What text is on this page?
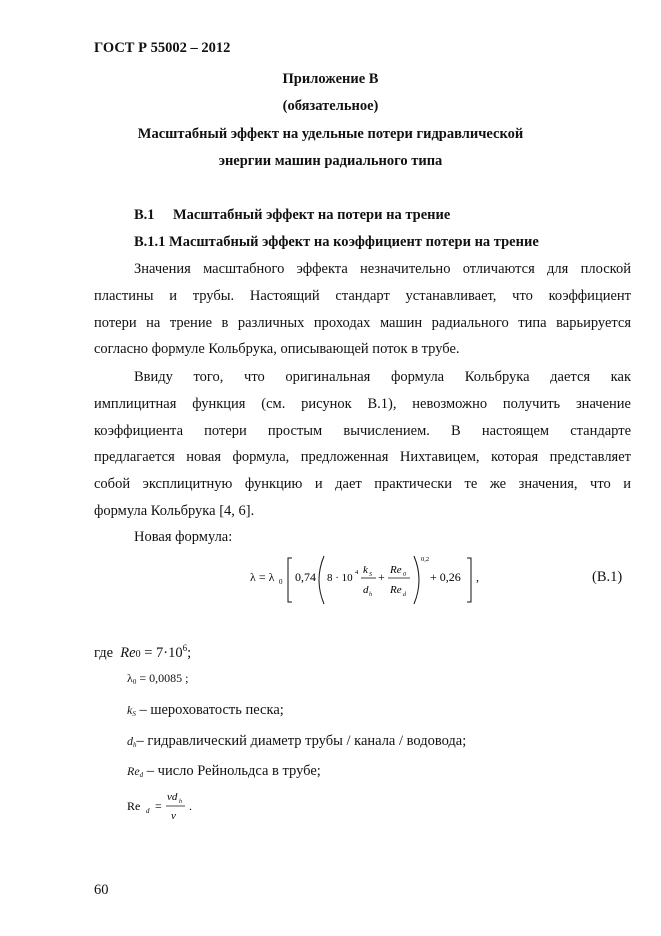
ГОСТ Р 55002 – 2012
Приложение В
(обязательное)
Масштабный эффект на удельные потери гидравлической
энергии машин радиального типа
В.1 Масштабный эффект на потери на трение
В.1.1 Масштабный эффект на коэффициент потери на трение
Значения масштабного эффекта незначительно отличаются для плоской
пластины и трубы. Настоящий стандарт устанавливает, что коэффициент
потери на трение в различных проходах машин радиального типа варьируется
согласно формуле Кольбрука, описывающей поток в трубе.
Ввиду того, что оригинальная формула Кольбрука дается как
имплицитная функция (см. рисунок В.1), невозможно получить значение
коэффициента потери простым вычислением. В настоящем стандарте
предлагается новая формула, предложенная Нихтавицем, которая представляет
собой эксплицитную функцию и дает практически те же значения, что и
формула Кольбрука [4, 6].
Новая формула:
λ = λ 0 0,74 8 · 10 4 k S
d h
+ Re 0
Re d
0,2
+ 0,26 ,	(В.1)
где $Re0 = 7\cdot 10^6$;
λ0 = 0,0085 ;
kS – шероховатость песка;
dh– гидравлический диаметр трубы / канала / водовода;
Red – число Рейнольдса в трубе;
Re d =
vd h
ν
.
60
